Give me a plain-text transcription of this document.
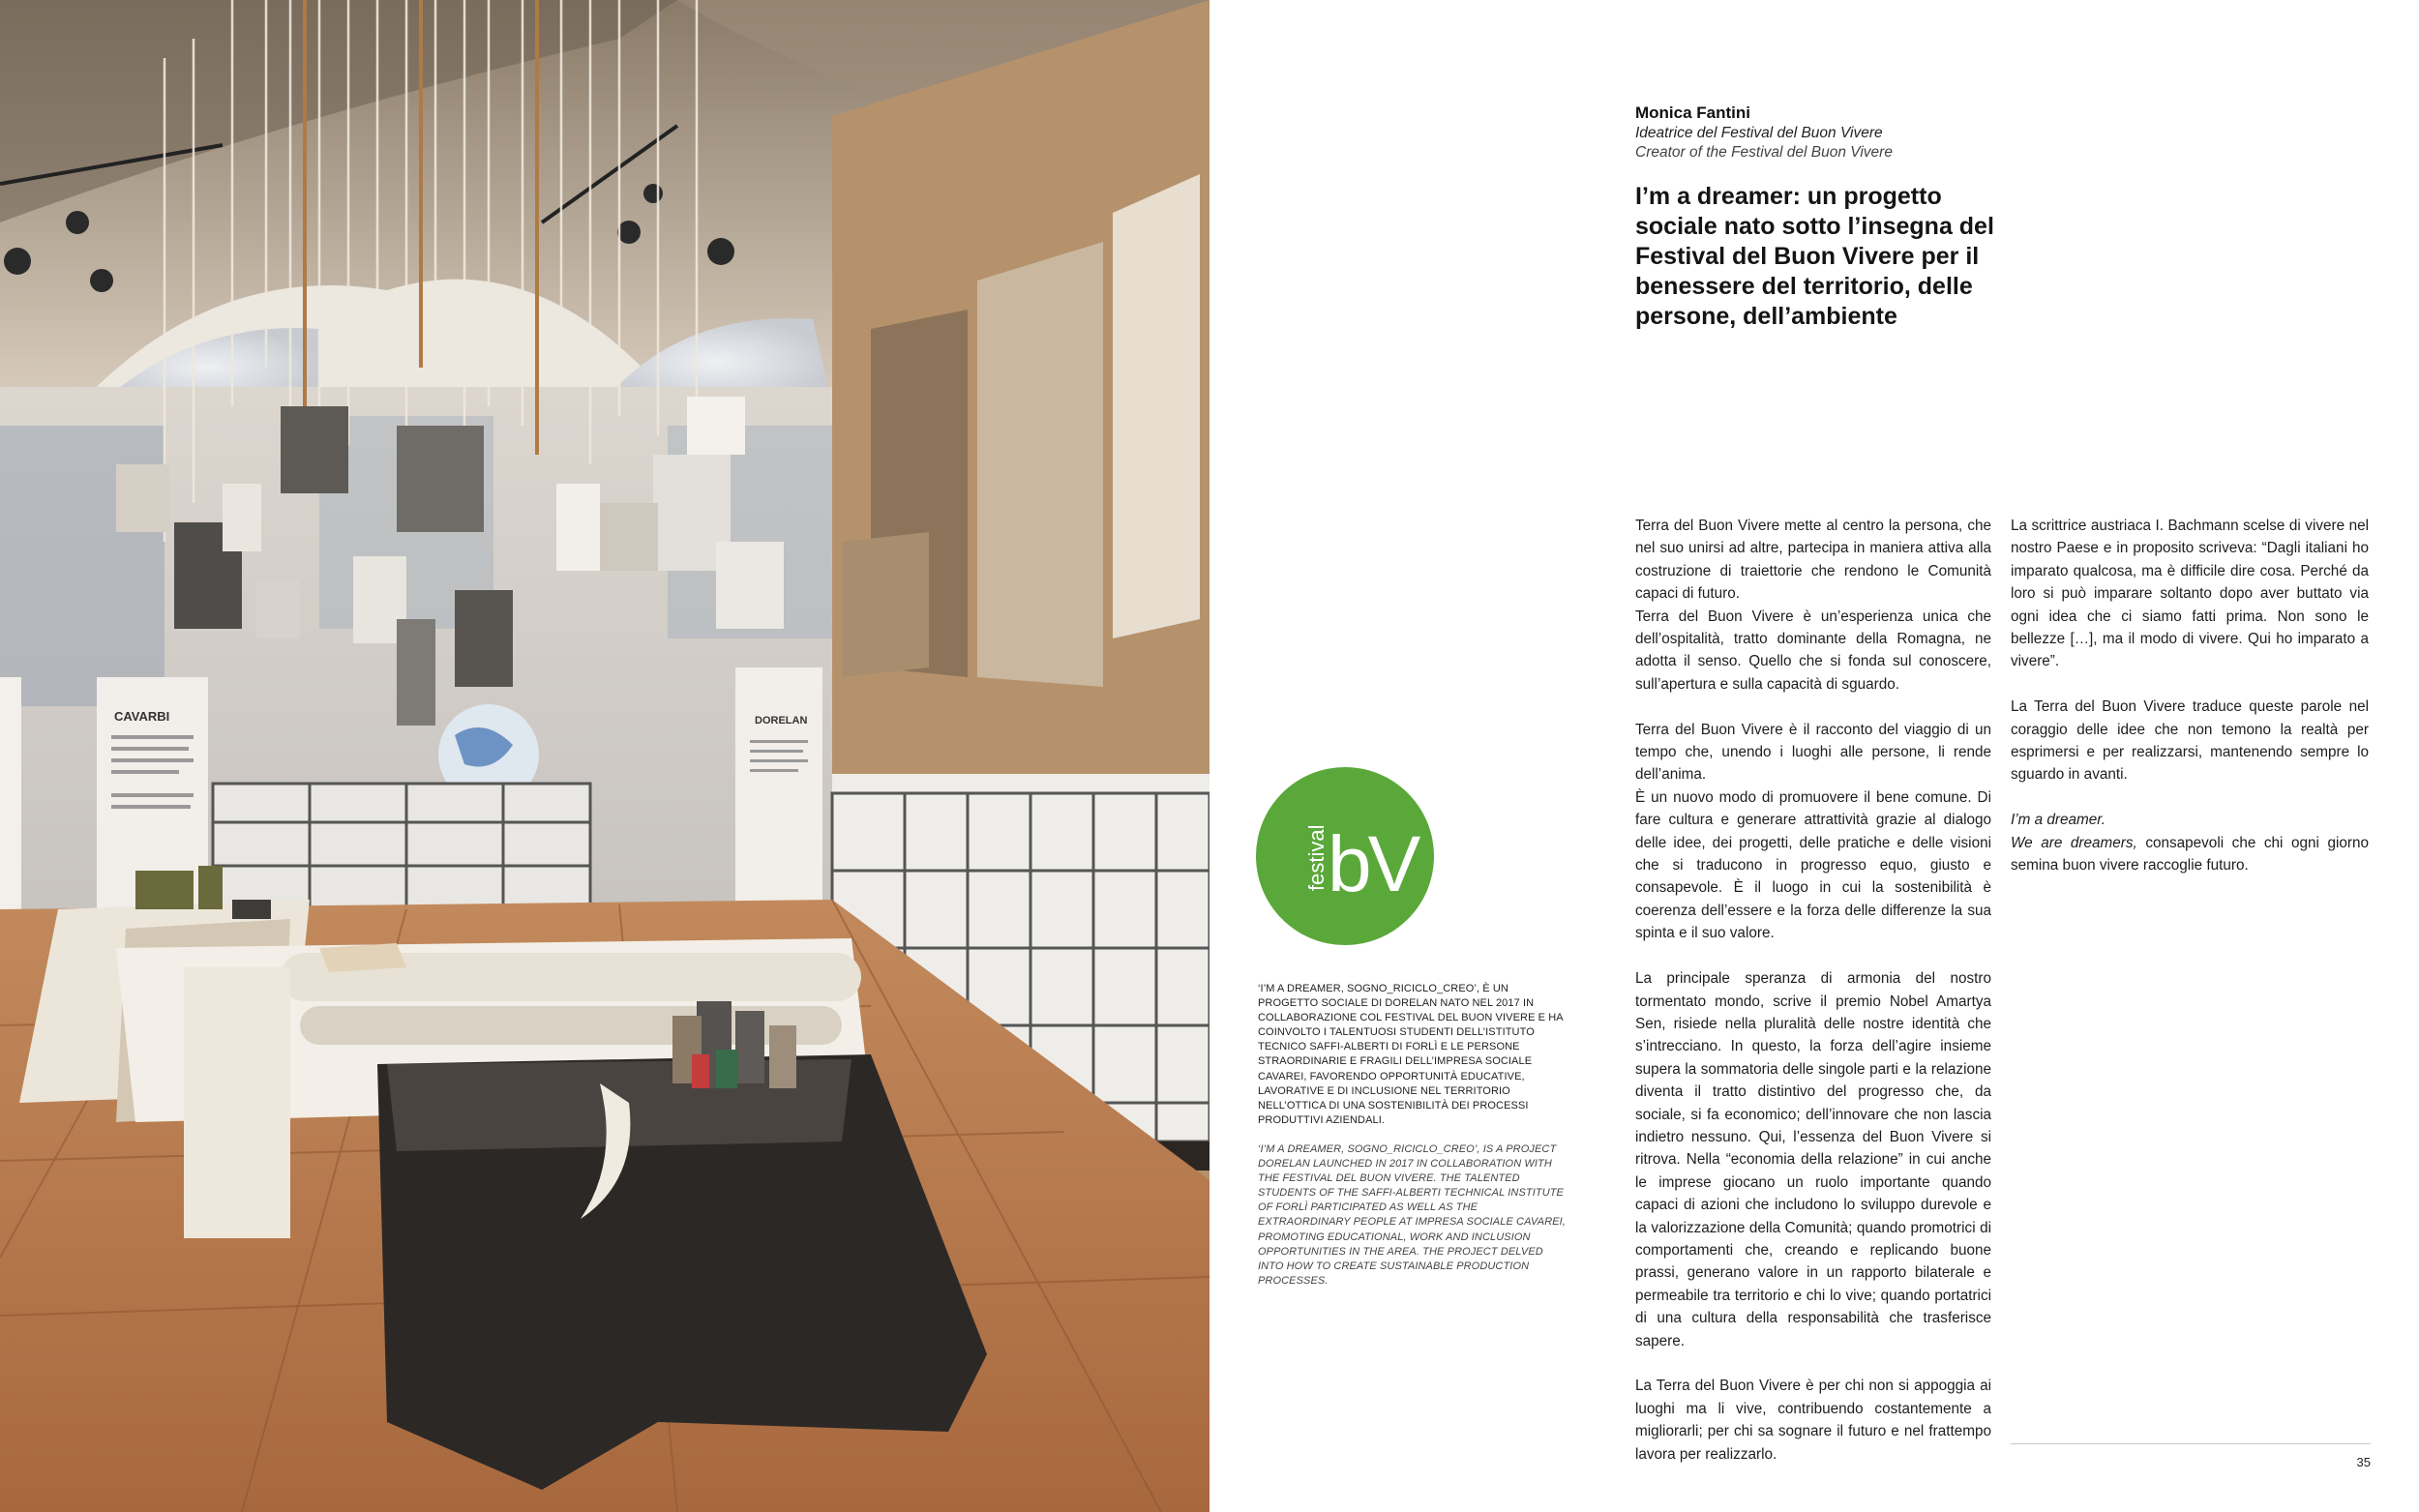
CAVARBI	DORELAN
Monica Fantini
Ideatrice del Festival del Buon Vivere
Creator of the Festival del Buon Vivere
I’m a dreamer: un progetto sociale nato sotto l’insegna del Festival del Buon Vivere per il benessere del territorio, delle persone, dell’ambiente
festival bV

‘I’M A DREAMER, SOGNO_RICICLO_CREO’, È UN PROGETTO SOCIALE DI DORELAN NATO NEL 2017 IN COLLABORAZIONE COL FESTIVAL DEL BUON VIVERE E HA COINVOLTO I TALENTUOSI STUDENTI DELL’ISTITUTO TECNICO SAFFI-ALBERTI DI FORLÌ E LE PERSONE STRAORDINARIE E FRAGILI DELL’IMPRESA SOCIALE CAVAREI, FAVORENDO OPPORTUNITÀ EDUCATIVE, LAVORATIVE E DI INCLUSIONE NEL TERRITORIO NELL’OTTICA DI UNA SOSTENIBILITÀ DEI PROCESSI PRODUTTIVI AZIENDALI.

‘I’M A DREAMER, SOGNO_RICICLO_CREO’, IS A PROJECT DORELAN LAUNCHED IN 2017 IN COLLABORATION WITH THE FESTIVAL DEL BUON VIVERE. THE TALENTED STUDENTS OF THE SAFFI-ALBERTI TECHNICAL INSTITUTE OF FORLÌ PARTICIPATED AS WELL AS THE EXTRAORDINARY PEOPLE AT IMPRESA SOCIALE CAVAREI, PROMOTING EDUCATIONAL, WORK AND INCLUSION OPPORTUNITIES IN THE AREA. THE PROJECT DELVED INTO HOW TO CREATE SUSTAINABLE PRODUCTION PROCESSES.

Terra del Buon Vivere mette al centro la persona, che nel suo unirsi ad altre, partecipa in maniera attiva alla costruzione di traiettorie che rendono le Comunità capaci di futuro.

Terra del Buon Vivere è un’esperienza unica che dell’ospitalità, tratto dominante della Romagna, ne adotta il senso. Quello che si fonda sul conoscere, sull’apertura e sulla capacità di sguardo.

Terra del Buon Vivere è il racconto del viaggio di un tempo che, unendo i luoghi alle persone, li rende dell’anima.

È un nuovo modo di promuovere il bene comune. Di fare cultura e generare attrattività grazie al dialogo delle idee, dei progetti, delle pratiche e delle visioni che si traducono in progresso equo, giusto e consapevole. È il luogo in cui la sostenibilità è coerenza dell’essere e la forza delle differenze la sua spinta e il suo valore.

La principale speranza di armonia del nostro tormentato mondo, scrive il premio Nobel Amartya Sen, risiede nella pluralità delle nostre identità che s’intrecciano. In questo, la forza dell’agire insieme supera la sommatoria delle singole parti e la relazione diventa il tratto distintivo del progresso che, da sociale, si fa economico; dell’innovare che non lascia indietro nessuno. Qui, l’essenza del Buon Vivere si ritrova. Nella “economia della relazione” in cui anche le imprese giocano un ruolo importante quando capaci di azioni che includono lo sviluppo durevole e la valorizzazione della Comunità; quando promotrici di comportamenti che, creando e replicando buone prassi, generano valore in un rapporto bilaterale e permeabile tra territorio e chi lo vive; quando portatrici di una cultura della responsabilità che trasferisce sapere.

La Terra del Buon Vivere è per chi non si appoggia ai luoghi ma li vive, contribuendo costantemente a migliorarli; per chi sa sognare il futuro e nel frattempo lavora per realizzarlo.

La scrittrice austriaca I. Bachmann scelse di vivere nel nostro Paese e in proposito scriveva: “Dagli italiani ho imparato qualcosa, ma è difficile dire cosa. Perché da loro si può imparare soltanto dopo aver buttato via ogni idea che ci siamo fatti prima. Non sono le bellezze […], ma il modo di vivere. Qui ho imparato a vivere”.

La Terra del Buon Vivere traduce queste parole nel coraggio delle idee che non temono la realtà per esprimersi e per realizzarsi, mantenendo sempre lo sguardo in avanti.

I’m a dreamer.

We are dreamers, consapevoli che chi ogni giorno semina buon vivere raccoglie futuro.

35
